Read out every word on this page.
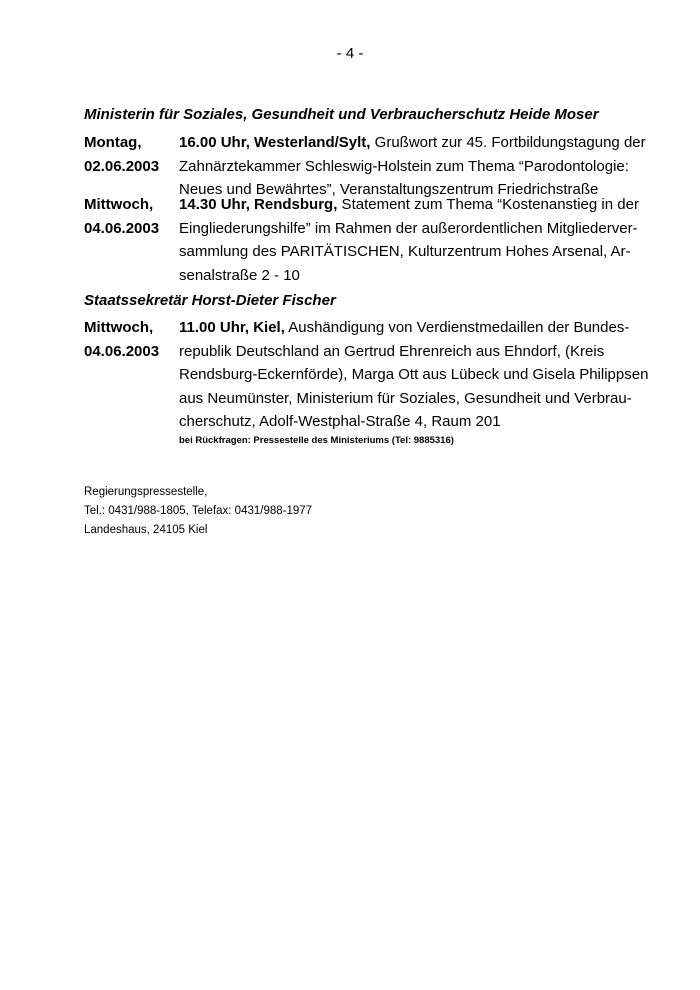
- 4 -
Ministerin für Soziales, Gesundheit und Verbraucherschutz Heide Moser
Montag,
02.06.2003
16.00 Uhr, Westerland/Sylt, Grußwort zur 45. Fortbildungstagung der
Zahnärztekammer Schleswig-Holstein zum Thema “Parodontologie:
Neues und Bewährtes”, Veranstaltungszentrum Friedrichstraße
Mittwoch,
04.06.2003
14.30 Uhr, Rendsburg, Statement zum Thema “Kostenanstieg in der
Eingliederungshilfe” im Rahmen der außerordentlichen Mitgliederver-
sammlung des PARITÄTISCHEN, Kulturzentrum Hohes Arsenal, Ar-
senalstraße 2 - 10
Staatssekretär Horst-Dieter Fischer
Mittwoch,
04.06.2003
11.00 Uhr, Kiel, Aushändigung von Verdienstmedaillen der Bundes-
republik Deutschland an Gertrud Ehrenreich aus Ehndorf, (Kreis
Rendsburg-Eckernförde), Marga Ott aus Lübeck und Gisela Philippsen
aus Neumünster, Ministerium für Soziales, Gesundheit und Verbrau-
cherschutz, Adolf-Westphal-Straße 4, Raum 201
bei Rückfragen: Pressestelle des Ministeriums (Tel: 9885316)
Regierungspressestelle,
Tel.: 0431/988-1805, Telefax: 0431/988-1977
Landeshaus, 24105 Kiel
